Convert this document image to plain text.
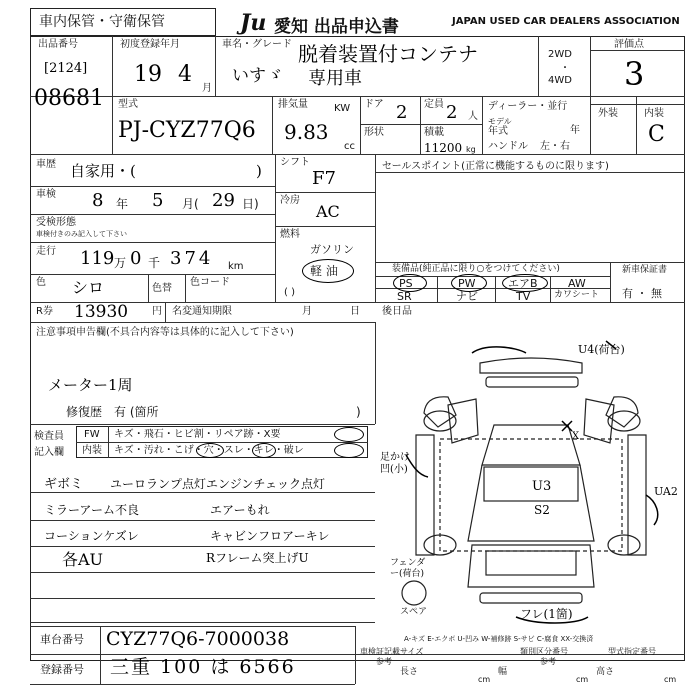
車内保管・守衛保管	Ju 愛知 出品申込書	JAPAN USED CAR DEALERS ASSOCIATION
出品番号
[2124]
08681
初度登録年月
19 4
月
車名・グレード
いすゞ
脱着装置付コンテナ
専用車
2WD
・
4WD
評価点
3
型式
PJ-CYZ77Q6
排気量	KW
9.83
cc
ドア 2 定員 2 人
形状	積載
11200 kg
ディーラー・並行
モデル
年式	年
ハンドル 左・右
外装	内装
C
車歴 自家用・(	)
車検 8 年 5 月( 29 日)
受検形態
車検付きのみ記入して下さい
走行 119 万 0 千 374 km
色 シロ	色替
色コード
シフト
F7
冷房
AC
燃料
ガソリン
軽 油
( )
セールスポイント(正常に機能するものに限ります)
装備品(純正品に限り○をつけてください)
PS	PW	エアB	AW
SR	ナビ	TV	カワシート
新車保証書
有 ・ 無
R券 13930 円 名変通知期限	月	日 後日品
注意事項申告欄(不具合内容等は具体的に記入して下さい)
メーター1周
修復歴 有 (箇所	)
検査員
記入欄
FW キズ・飛石・ヒビ割・リペア跡・X要
内装 キズ・汚れ・こげ・穴・スレ・キレ・破レ
ギボミ
ミラーアーム不良
コーションケズレ
各AU
ユーロランプ点灯 エンジンチェック点灯
エアーもれ
キャビンフロアーキレ
Rフレーム突上げU
U4(荷台)
U3
S2
UA2
足かけ凹(小)
フェンダー(荷台)
X
スペア	フレ(1箇)
A-キズ E-エクボ U-凹み W-補修跡 S-サビ C-腐食 XX-交換済
車台番号 CYZ77Q6-7000038
登録番号 三重 100 は 6566
車検証記載サイズ
参考
類別区分番号	型式指定番号
参考
長さ
cm
幅
cm
高さ
cm
